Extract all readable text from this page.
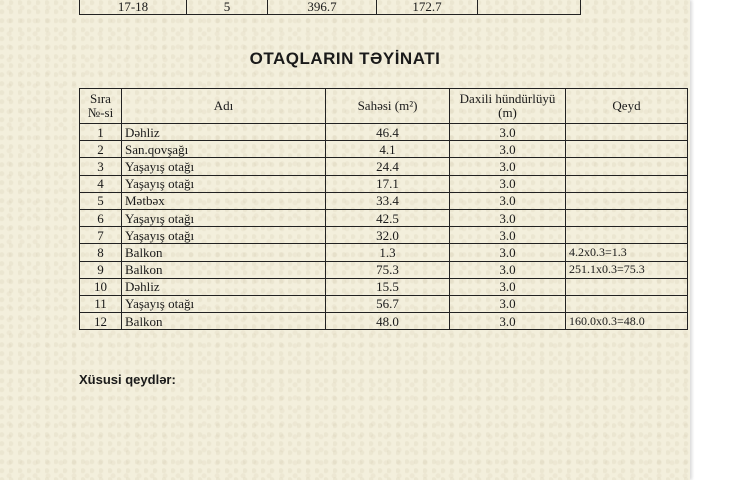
17-18	5	396.7	172.7	
OTAQLARIN TƏYİNATI
Sıra №-si	Adı	Sahəsi (m²)	Daxili hündürlüyü (m)	Qeyd
1	Dəhliz	46.4	3.0	
2	San.qovşağı	4.1	3.0	
3	Yaşayış otağı	24.4	3.0	
4	Yaşayış otağı	17.1	3.0	
5	Mətbəx	33.4	3.0	
6	Yaşayış otağı	42.5	3.0	
7	Yaşayış otağı	32.0	3.0	
8	Balkon	1.3	3.0	4.2x0.3=1.3
9	Balkon	75.3	3.0	251.1x0.3=75.3
10	Dəhliz	15.5	3.0	
11	Yaşayış otağı	56.7	3.0	
12	Balkon	48.0	3.0	160.0x0.3=48.0
Xüsusi qeydlər:
